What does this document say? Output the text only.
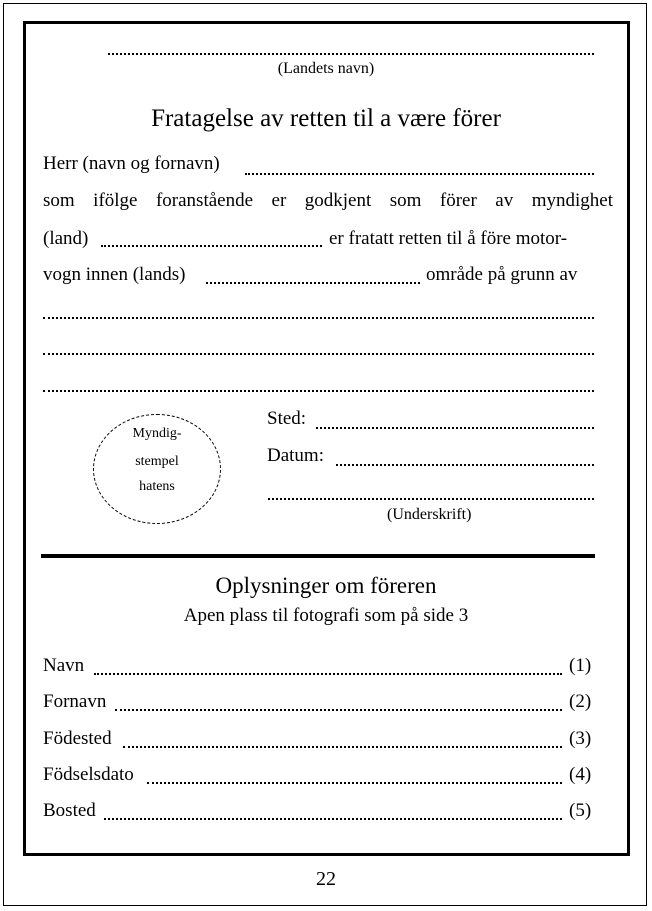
(Landets navn)
Fratagelse av retten til a være förer
Herr (navn og fornavn)
som ifölge foranstående er godkjent som förer av myndighet
(land)	er fratatt retten til å före motor-
vogn innen (lands)	område på grunn av
Myndig-
stempel
hatens
Sted:
Datum:
(Underskrift)
Oplysninger om föreren
Apen plass til fotografi som på side 3
Navn	(1)
Fornavn	(2)
Födested	(3)
Födselsdato	(4)
Bosted	(5)
22
